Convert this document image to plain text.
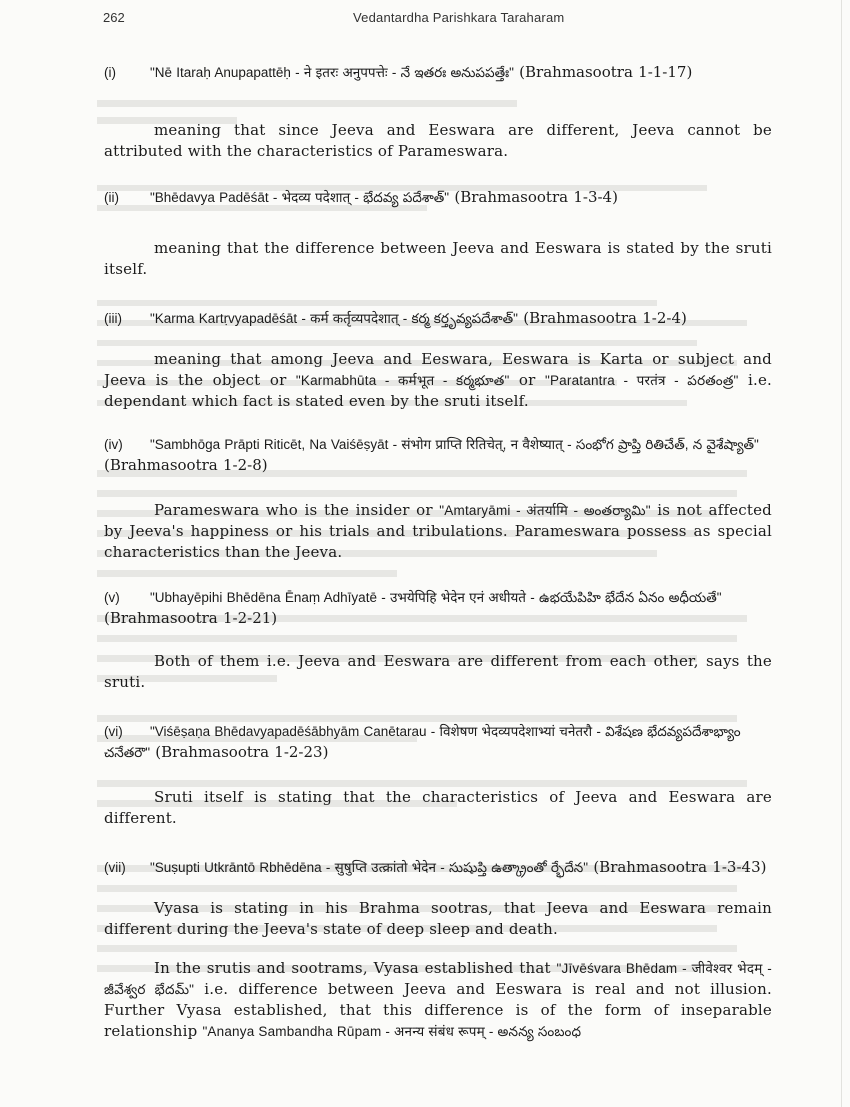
262	Vedantardha Parishkara Taraharam

(i)	"Nē Itaraḥ Anupapattēḥ - ने इतरः अनुपपत्तेः - నే ఇతరః అనుపపత్తేః" (Brahmasootra 1-1-17)

meaning that since Jeeva and Eeswara are different, Jeeva cannot be attributed with the characteristics of Parameswara.

(ii) "Bhēdavya Padēśāt - भेदव्य पदेशात् - భేదవ్య పదేశాత్" (Brahmasootra 1-3-4)

meaning that the difference between Jeeva and Eeswara is stated by the sruti itself.

(iii) "Karma Kartṛvyapadēśāt - कर्म कर्तृव्यपदेशात् - కర్మ కర్తృవ్యపదేశాత్" (Brahmasootra 1-2-4)

meaning that among Jeeva and Eeswara, Eeswara is Karta or subject and Jeeva is the object or "Karmabhūta - कर्मभूत - కర్మభూత" or "Paratantra - परतंत्र - పరతంత్ర" i.e. dependant which fact is stated even by the sruti itself.

(iv) "Sambhōga Prāpti Riticēt, Na Vaiśēṣyāt - संभोग प्राप्ति रितिचेत्, न वैशेष्यात् - సంభోగ ప్రాప్తి రితిచేత్, న వైశేష్యాత్" (Brahmasootra 1-2-8)

Parameswara who is the insider or "Amtaryāmi - अंतर्यामि - అంతర్యామి" is not affected by Jeeva's happiness or his trials and tribulations. Parameswara possess as special characteristics than the Jeeva.

(v) "Ubhayēpihi Bhēdēna Ēnaṃ Adhīyatē - उभयेपिहि भेदेन एनं अधीयते - ఉభయేపిహి భేదేన ఏనం అధీయతే" (Brahmasootra 1-2-21)

Both of them i.e. Jeeva and Eeswara are different from each other, says the sruti.

(vi) "Viśēṣaṇa Bhēdavyapadēśābhyām Canētarau - विशेषण भेदव्यपदेशाभ्यां चनेतरौ - విశేషణ భేదవ్యపదేశాభ్యాం చనేతరౌ" (Brahmasootra 1-2-23)

Sruti itself is stating that the characteristics of Jeeva and Eeswara are different.

(vii) "Suṣupti Utkrāntō Rbhēdēna - सुषुप्ति उत्क्रांतो भेदेन - సుషుప్తి ఉత్క్రాంతో ర్భేదేన" (Brahmasootra 1-3-43)

Vyasa is stating in his Brahma sootras, that Jeeva and Eeswara remain different during the Jeeva's state of deep sleep and death.

In the srutis and sootrams, Vyasa established that "Jīvēśvara Bhēdam - जीवेश्वर भेदम् - జీవేశ్వర భేదమ్" i.e. difference between Jeeva and Eeswara is real and not illusion. Further Vyasa established, that this difference is of the form of inseparable relationship "Ananya Sambandha Rūpam - अनन्य संबंध रूपम् - అనన్య సంబంధ
